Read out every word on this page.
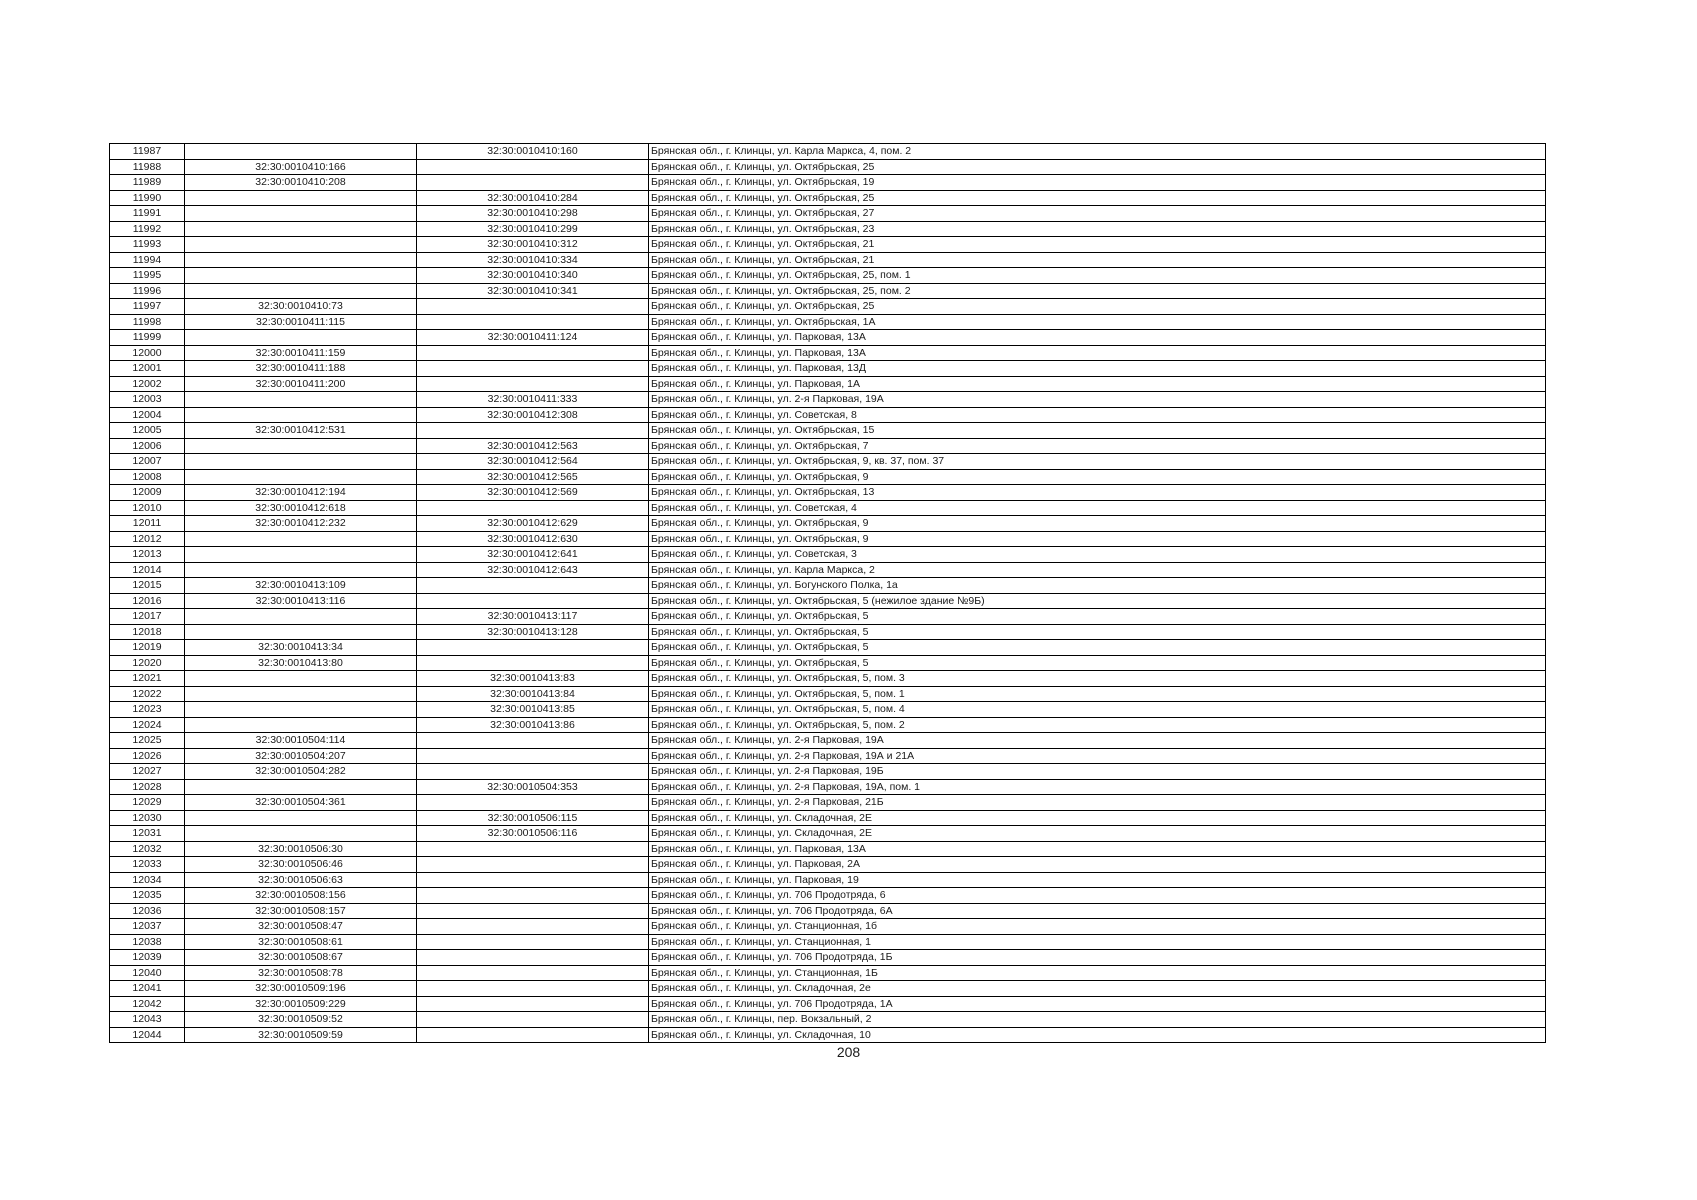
11987		32:30:0010410:160	Брянская обл., г. Клинцы, ул. Карла Маркса, 4, пом. 2
11988	32:30:0010410:166		Брянская обл., г. Клинцы, ул. Октябрьская, 25
11989	32:30:0010410:208		Брянская обл., г. Клинцы, ул. Октябрьская, 19
11990		32:30:0010410:284	Брянская обл., г. Клинцы, ул. Октябрьская, 25
11991		32:30:0010410:298	Брянская обл., г. Клинцы, ул. Октябрьская, 27
11992		32:30:0010410:299	Брянская обл., г. Клинцы, ул. Октябрьская, 23
11993		32:30:0010410:312	Брянская обл., г. Клинцы, ул. Октябрьская, 21
11994		32:30:0010410:334	Брянская обл., г. Клинцы, ул. Октябрьская, 21
11995		32:30:0010410:340	Брянская обл., г. Клинцы, ул. Октябрьская, 25, пом. 1
11996		32:30:0010410:341	Брянская обл., г. Клинцы, ул. Октябрьская, 25, пом. 2
11997	32:30:0010410:73		Брянская обл., г. Клинцы, ул. Октябрьская, 25
11998	32:30:0010411:115		Брянская обл., г. Клинцы, ул. Октябрьская, 1А
11999		32:30:0010411:124	Брянская обл., г. Клинцы, ул. Парковая, 13А
12000	32:30:0010411:159		Брянская обл., г. Клинцы, ул. Парковая, 13А
12001	32:30:0010411:188		Брянская обл., г. Клинцы, ул. Парковая, 13Д
12002	32:30:0010411:200		Брянская обл., г. Клинцы, ул. Парковая, 1А
12003		32:30:0010411:333	Брянская обл., г. Клинцы, ул. 2-я Парковая, 19А
12004		32:30:0010412:308	Брянская обл., г. Клинцы, ул. Советская, 8
12005	32:30:0010412:531		Брянская обл., г. Клинцы, ул. Октябрьская, 15
12006		32:30:0010412:563	Брянская обл., г. Клинцы, ул. Октябрьская, 7
12007		32:30:0010412:564	Брянская обл., г. Клинцы, ул. Октябрьская, 9, кв. 37, пом. 37
12008		32:30:0010412:565	Брянская обл., г. Клинцы, ул. Октябрьская, 9
12009	32:30:0010412:194	32:30:0010412:569	Брянская обл., г. Клинцы, ул. Октябрьская, 13
12010	32:30:0010412:618		Брянская обл., г. Клинцы, ул. Советская, 4
12011	32:30:0010412:232	32:30:0010412:629	Брянская обл., г. Клинцы, ул. Октябрьская, 9
12012		32:30:0010412:630	Брянская обл., г. Клинцы, ул. Октябрьская, 9
12013		32:30:0010412:641	Брянская обл., г. Клинцы, ул. Советская, 3
12014		32:30:0010412:643	Брянская обл., г. Клинцы, ул. Карла Маркса, 2
12015	32:30:0010413:109		Брянская обл., г. Клинцы, ул. Богунского Полка, 1а
12016	32:30:0010413:116		Брянская обл., г. Клинцы, ул. Октябрьская, 5 (нежилое здание №9Б)
12017		32:30:0010413:117	Брянская обл., г. Клинцы, ул. Октябрьская, 5
12018		32:30:0010413:128	Брянская обл., г. Клинцы, ул. Октябрьская, 5
12019	32:30:0010413:34		Брянская обл., г. Клинцы, ул. Октябрьская, 5
12020	32:30:0010413:80		Брянская обл., г. Клинцы, ул. Октябрьская, 5
12021		32:30:0010413:83	Брянская обл., г. Клинцы, ул. Октябрьская, 5, пом. 3
12022		32:30:0010413:84	Брянская обл., г. Клинцы, ул. Октябрьская, 5, пом. 1
12023		32:30:0010413:85	Брянская обл., г. Клинцы, ул. Октябрьская, 5, пом. 4
12024		32:30:0010413:86	Брянская обл., г. Клинцы, ул. Октябрьская, 5, пом. 2
12025	32:30:0010504:114		Брянская обл., г. Клинцы, ул. 2-я Парковая, 19А
12026	32:30:0010504:207		Брянская обл., г. Клинцы, ул. 2-я Парковая, 19А и 21А
12027	32:30:0010504:282		Брянская обл., г. Клинцы, ул. 2-я Парковая, 19Б
12028		32:30:0010504:353	Брянская обл., г. Клинцы, ул. 2-я Парковая, 19А, пом. 1
12029	32:30:0010504:361		Брянская обл., г. Клинцы, ул. 2-я Парковая, 21Б
12030		32:30:0010506:115	Брянская обл., г. Клинцы, ул. Складочная, 2Е
12031		32:30:0010506:116	Брянская обл., г. Клинцы, ул. Складочная, 2Е
12032	32:30:0010506:30		Брянская обл., г. Клинцы, ул. Парковая, 13А
12033	32:30:0010506:46		Брянская обл., г. Клинцы, ул. Парковая, 2А
12034	32:30:0010506:63		Брянская обл., г. Клинцы, ул. Парковая, 19
12035	32:30:0010508:156		Брянская обл., г. Клинцы, ул. 706 Продотряда, 6
12036	32:30:0010508:157		Брянская обл., г. Клинцы, ул. 706 Продотряда, 6А
12037	32:30:0010508:47		Брянская обл., г. Клинцы, ул. Станционная, 1б
12038	32:30:0010508:61		Брянская обл., г. Клинцы, ул. Станционная, 1
12039	32:30:0010508:67		Брянская обл., г. Клинцы, ул. 706 Продотряда, 1Б
12040	32:30:0010508:78		Брянская обл., г. Клинцы, ул. Станционная, 1Б
12041	32:30:0010509:196		Брянская обл., г. Клинцы, ул. Складочная, 2е
12042	32:30:0010509:229		Брянская обл., г. Клинцы, ул. 706 Продотряда, 1А
12043	32:30:0010509:52		Брянская обл., г. Клинцы, пер. Вокзальный, 2
12044	32:30:0010509:59		Брянская обл., г. Клинцы, ул. Складочная, 10
208
